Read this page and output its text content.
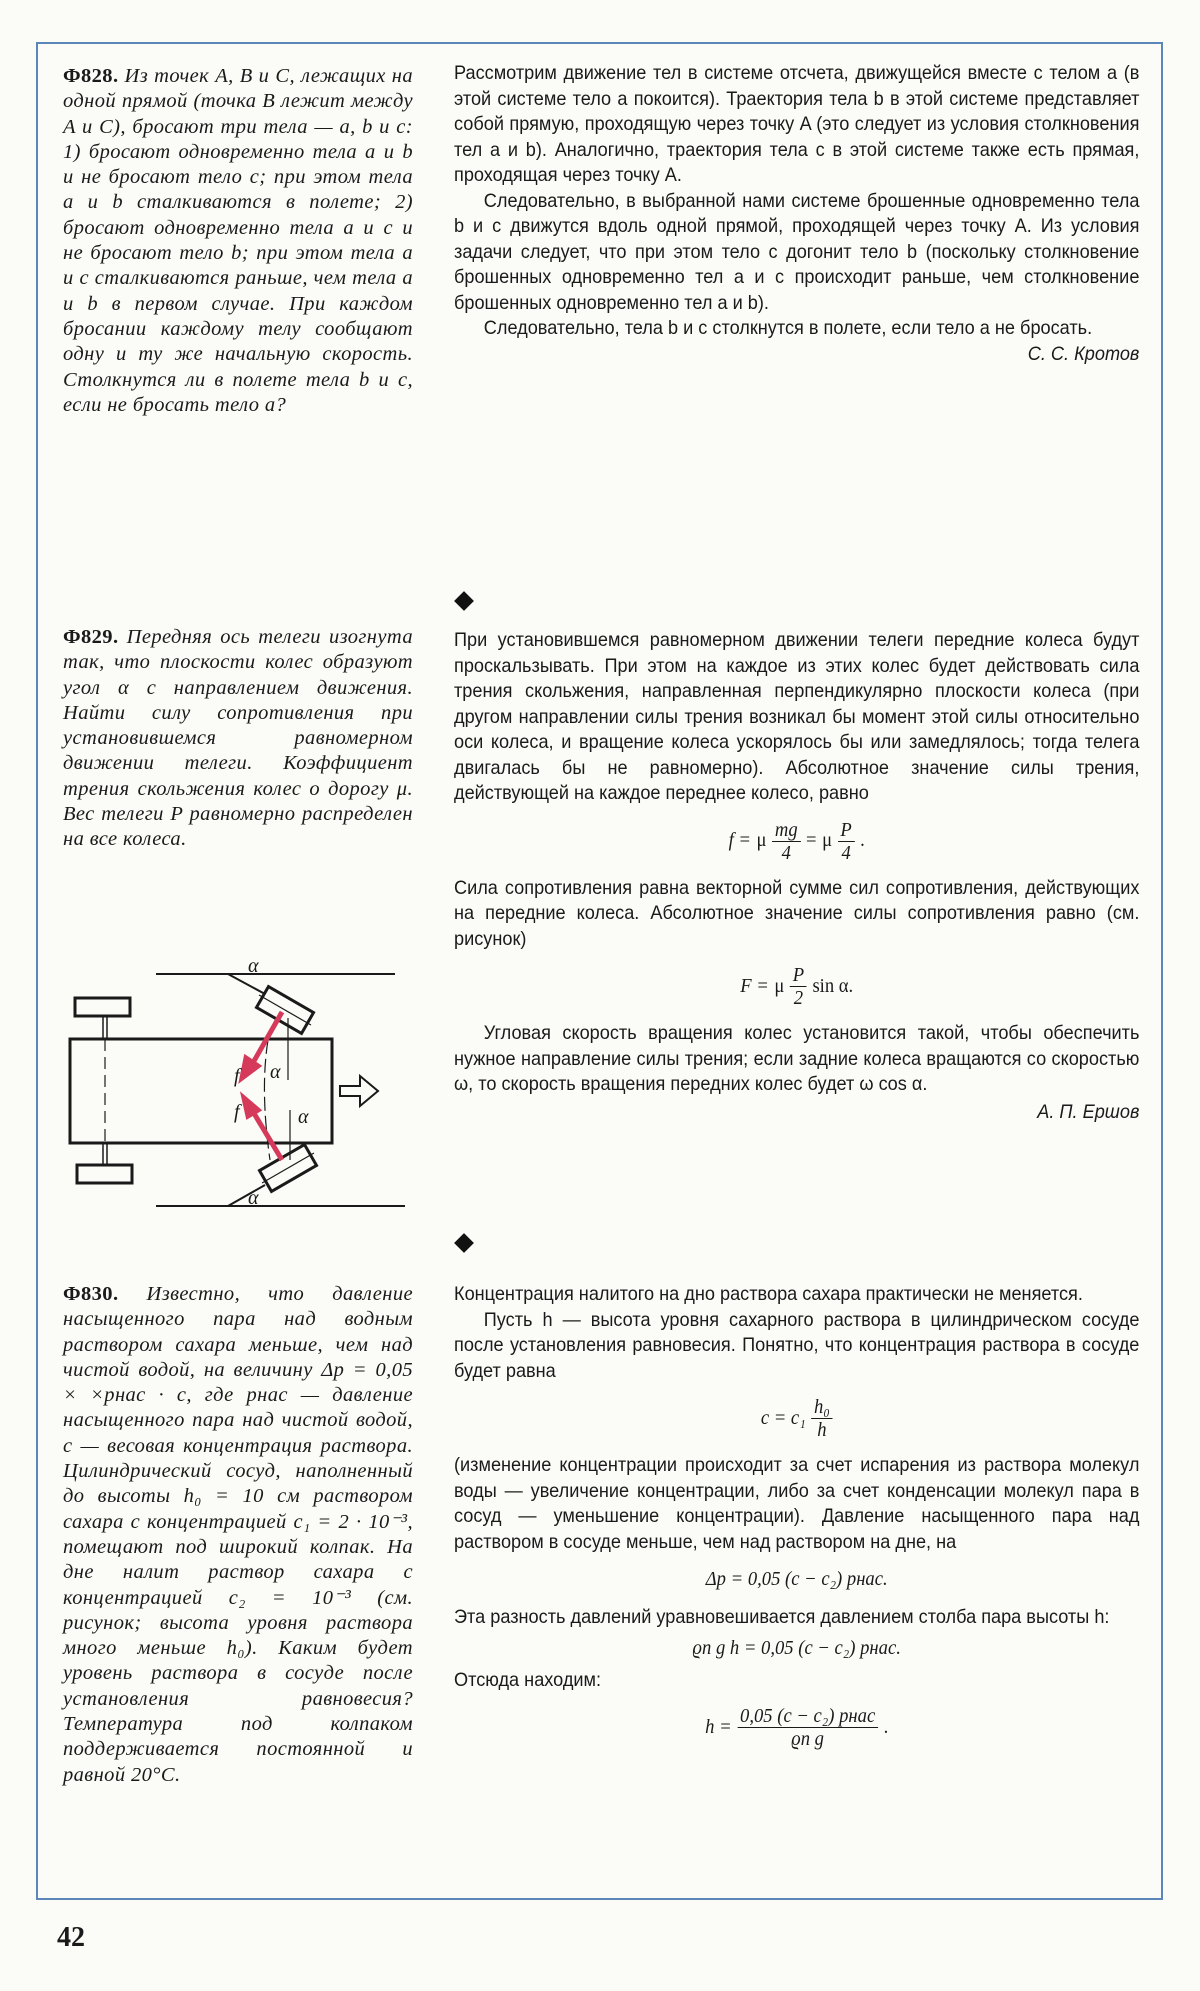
Ф828. Из точек A, B и C, лежащих на одной прямой (точка B лежит между A и C), бросают три тела — a, b и c: 1) бросают одновременно тела a и b и не бросают тело c; при этом тела a и b сталкиваются в полете; 2) бросают одновременно тела a и c и не бросают тело b; при этом тела a и c сталкиваются раньше, чем тела a и b в первом случае. При каждом бросании каждому телу сообщают одну и ту же начальную скорость. Столкнутся ли в полете тела b и c, если не бросать тело a?

Рассмотрим движение тел в системе отсчета, движущейся вместе с телом a (в этой системе тело a покоится). Траектория тела b в этой системе представляет собой прямую, проходящую через точку A (это следует из условия столкновения тел a и b). Аналогично, траектория тела c в этой системе также есть прямая, проходящая через точку A.

Следовательно, в выбранной нами системе брошенные одновременно тела b и c движутся вдоль одной прямой, проходящей через точку A. Из условия задачи следует, что при этом тело c догонит тело b (поскольку столкновение брошенных одновременно тел a и c происходит раньше, чем столкновение брошенных одновременно тел a и b).

Следовательно, тела b и c столкнутся в полете, если тело a не бросать.

С. С. Кротов

Ф829. Передняя ось телеги изогнута так, что плоскости колес образуют угол α с направлением движения. Найти силу сопротивления при установившемся равномерном движении телеги. Коэффициент трения скольжения колес о дорогу μ. Вес телеги P равномерно распределен на все колеса.

При установившемся равномерном движении телеги передние колеса будут проскальзывать. При этом на каждое из этих колес будет действовать сила трения скольжения, направленная перпендикулярно плоскости колеса (при другом направлении силы трения возникал бы момент этой силы относительно оси колеса, и вращение колеса ускорялось бы или замедлялось; тогда телега двигалась бы не равномерно). Абсолютное значение силы трения, действующей на каждое переднее колесо, равно

f = μ $\frac{mg}{4} = \mu \frac{P}{4}$ .

Сила сопротивления равна векторной сумме сил сопротивления, действующих на передние колеса. Абсолютное значение силы сопротивления равно (см. рисунок)

F = μ $\frac{P}{2}$ sin α.

Угловая скорость вращения колес установится такой, чтобы обеспечить нужное направление силы трения; если задние колеса вращаются со скоростью ω, то скорость вращения передних колес будет ω cos α.

А. П. Ершов

f
f
α
α
α
α
Ф830. Известно, что давление насыщенного пара над водным раствором сахара меньше, чем над чистой водой, на величину Δp = 0,05 × ×pнас · c, где pнас — давление насыщенного пара над чистой водой, c — весовая концентрация раствора. Цилиндрический сосуд, наполненный до высоты h₀ = 10 см раствором сахара с концентрацией c₁ = 2 · 10⁻³, помещают под широкий колпак. На дне налит раствор сахара с концентрацией c₂ = 10⁻³ (см. рисунок; высота уровня раствора много меньше h₀). Каким будет уровень раствора в сосуде после установления равновесия? Температура под колпаком поддерживается постоянной и равной 20°C.

Концентрация налитого на дно раствора сахара практически не меняется.

Пусть h — высота уровня сахарного раствора в цилиндрическом сосуде после установления равновесия. Понятно, что концентрация раствора в сосуде будет равна

$c = c_1 \frac{\text{h₀}}{h}$

(изменение концентрации происходит за счет испарения из раствора молекул воды — увеличение концентрации, либо за счет конденсации молекул пара в сосуд — уменьшение концентрации). Давление насыщенного пара над раствором в сосуде меньше, чем над раствором на дне, на

Δp = 0,05 (c − c₂) pнас.

Эта разность давлений уравновешивается давлением столба пара высоты h:

ϱп g h = 0,05 (c − c₂) pнас.

Отсюда находим:

$h = \frac{\text{0,05 (c − c₂) pнас}}{\text{ϱп g}}$ .
42
